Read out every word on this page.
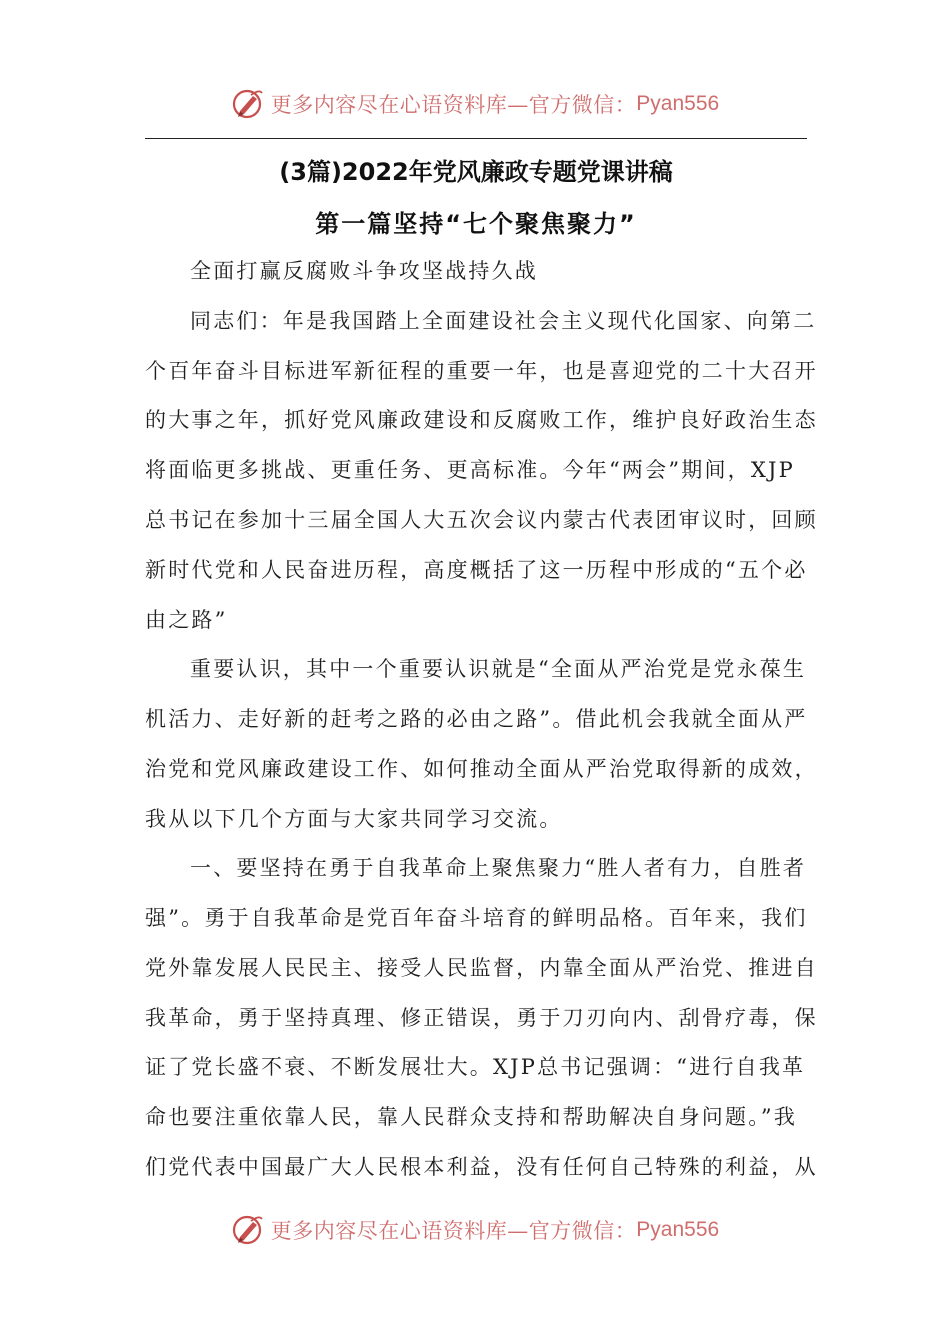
更多内容尽在心语资料库—官方微信： Pyan556
(3篇)2022年党风廉政专题党课讲稿
第一篇坚持“七个聚焦聚力”
全面打赢反腐败斗争攻坚战持久战
同志们：年是我国踏上全面建设社会主义现代化国家、向第二
个百年奋斗目标进军新征程的重要一年，也是喜迎党的二十大召开
的大事之年，抓好党风廉政建设和反腐败工作，维护良好政治生态
将面临更多挑战、更重任务、更高标准。今年“两会”期间，XJP
总书记在参加十三届全国人大五次会议内蒙古代表团审议时，回顾
新时代党和人民奋进历程，高度概括了这一历程中形成的“五个必
由之路”
重要认识，其中一个重要认识就是“全面从严治党是党永葆生
机活力、走好新的赶考之路的必由之路”。借此机会我就全面从严
治党和党风廉政建设工作、如何推动全面从严治党取得新的成效，
我从以下几个方面与大家共同学习交流。
一、要坚持在勇于自我革命上聚焦聚力“胜人者有力，自胜者
强”。勇于自我革命是党百年奋斗培育的鲜明品格。百年来，我们
党外靠发展人民民主、接受人民监督，内靠全面从严治党、推进自
我革命，勇于坚持真理、修正错误，勇于刀刃向内、刮骨疗毒，保
证了党长盛不衰、不断发展壮大。XJP总书记强调：“进行自我革
命也要注重依靠人民，靠人民群众支持和帮助解决自身问题。”我
们党代表中国最广大人民根本利益，没有任何自己特殊的利益，从
更多内容尽在心语资料库—官方微信： Pyan556
